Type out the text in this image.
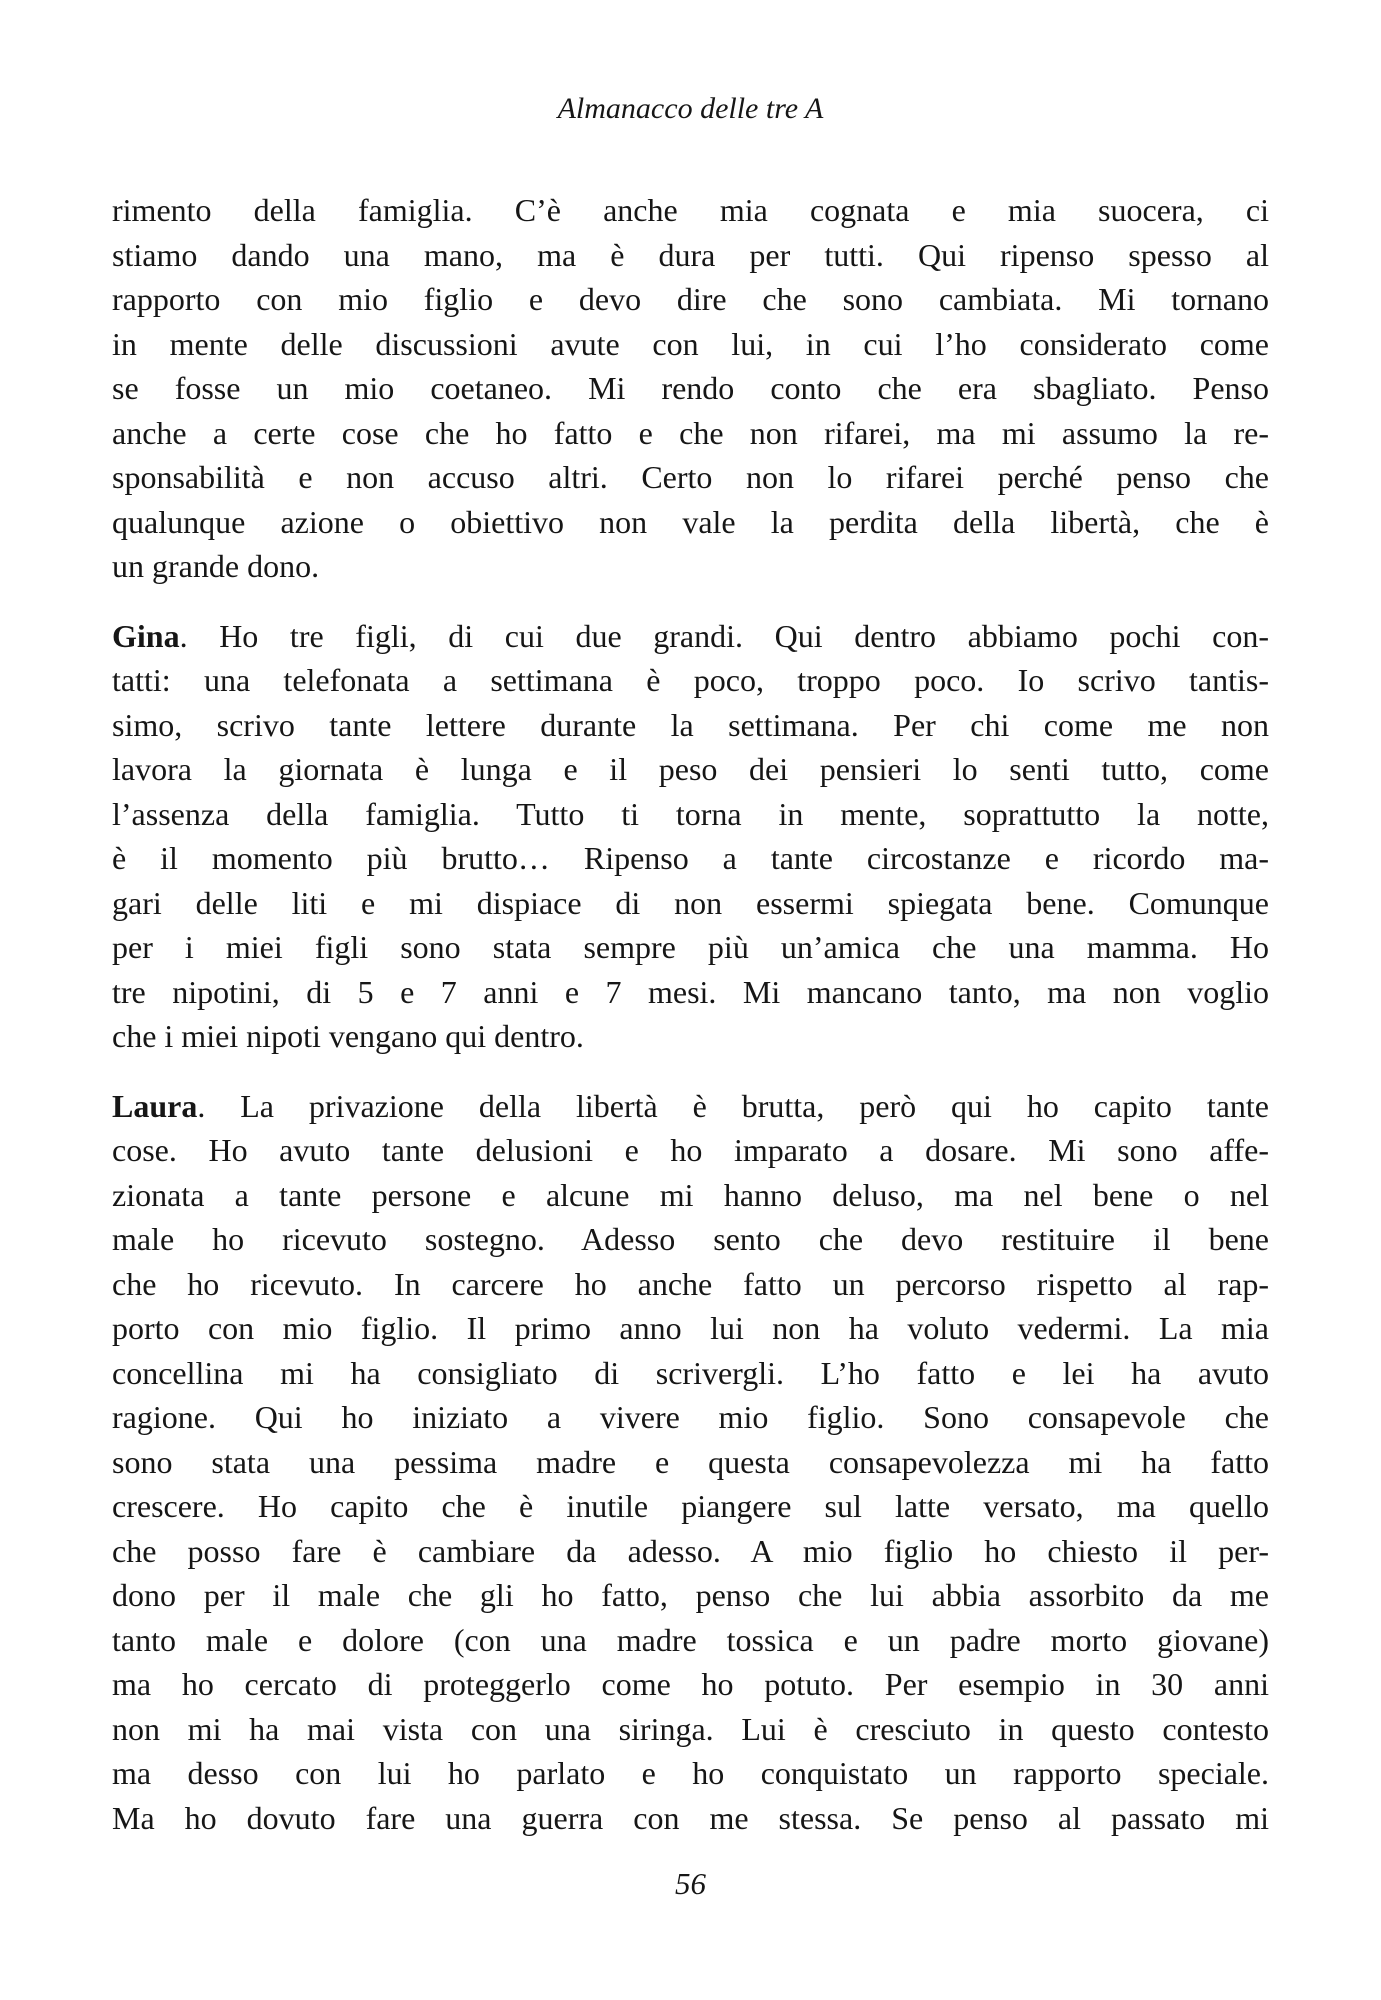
Almanacco delle tre A
rimento della famiglia. C’è anche mia cognata e mia suocera, ci
stiamo dando una mano, ma è dura per tutti. Qui ripenso spesso al
rapporto con mio figlio e devo dire che sono cambiata. Mi tornano
in mente delle discussioni avute con lui, in cui l’ho considerato come
se fosse un mio coetaneo. Mi rendo conto che era sbagliato. Penso
anche a certe cose che ho fatto e che non rifarei, ma mi assumo la re-
sponsabilità e non accuso altri. Certo non lo rifarei perché penso che
qualunque azione o obiettivo non vale la perdita della libertà, che è
un grande dono.
Gina. Ho tre figli, di cui due grandi. Qui dentro abbiamo pochi con-
tatti: una telefonata a settimana è poco, troppo poco. Io scrivo tantis-
simo, scrivo tante lettere durante la settimana. Per chi come me non
lavora la giornata è lunga e il peso dei pensieri lo senti tutto, come
l’assenza della famiglia. Tutto ti torna in mente, soprattutto la notte,
è il momento più brutto… Ripenso a tante circostanze e ricordo ma-
gari delle liti e mi dispiace di non essermi spiegata bene. Comunque
per i miei figli sono stata sempre più un’amica che una mamma. Ho
tre nipotini, di 5 e 7 anni e 7 mesi. Mi mancano tanto, ma non voglio
che i miei nipoti vengano qui dentro.
Laura. La privazione della libertà è brutta, però qui ho capito tante
cose. Ho avuto tante delusioni e ho imparato a dosare. Mi sono affe-
zionata a tante persone e alcune mi hanno deluso, ma nel bene o nel
male ho ricevuto sostegno. Adesso sento che devo restituire il bene
che ho ricevuto. In carcere ho anche fatto un percorso rispetto al rap-
porto con mio figlio. Il primo anno lui non ha voluto vedermi. La mia
concellina mi ha consigliato di scrivergli. L’ho fatto e lei ha avuto
ragione. Qui ho iniziato a vivere mio figlio. Sono consapevole che
sono stata una pessima madre e questa consapevolezza mi ha fatto
crescere. Ho capito che è inutile piangere sul latte versato, ma quello
che posso fare è cambiare da adesso. A mio figlio ho chiesto il per-
dono per il male che gli ho fatto, penso che lui abbia assorbito da me
tanto male e dolore (con una madre tossica e un padre morto giovane)
ma ho cercato di proteggerlo come ho potuto. Per esempio in 30 anni
non mi ha mai vista con una siringa. Lui è cresciuto in questo contesto
ma desso con lui ho parlato e ho conquistato un rapporto speciale.
Ma ho dovuto fare una guerra con me stessa. Se penso al passato mi
56
